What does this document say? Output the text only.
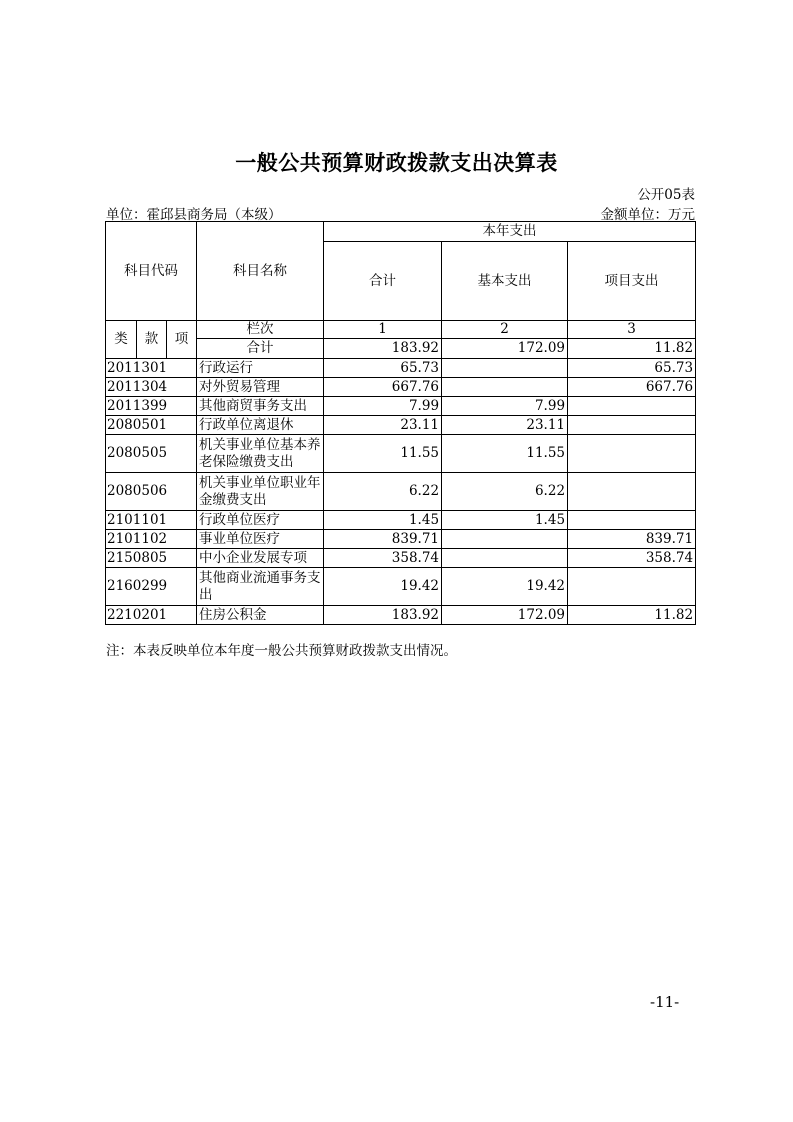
一般公共预算财政拨款支出决算表
公开05表
单位：霍邱县商务局（本级）	金额单位：万元
科目代码			科目名称	本年支出		
				合计	基本支出	项目支出
类	款	项	栏次	1	2	3
			合计	183.92	172.09	11.82
2011301			行政运行	65.73		65.73
2011304			对外贸易管理	667.76		667.76
2011399			其他商贸事务支出	7.99	7.99	
2080501			行政单位离退休	23.11	23.11	
2080505			机关事业单位基本养老保险缴费支出	11.55	11.55	
2080506			机关事业单位职业年金缴费支出	6.22	6.22	
2101101			行政单位医疗	1.45	1.45	
2101102			事业单位医疗	839.71		839.71
2150805			中小企业发展专项	358.74		358.74
2160299			其他商业流通事务支出	19.42	19.42	
2210201			住房公积金	183.92	172.09	11.82
注：本表反映单位本年度一般公共预算财政拨款支出情况。
-11-
